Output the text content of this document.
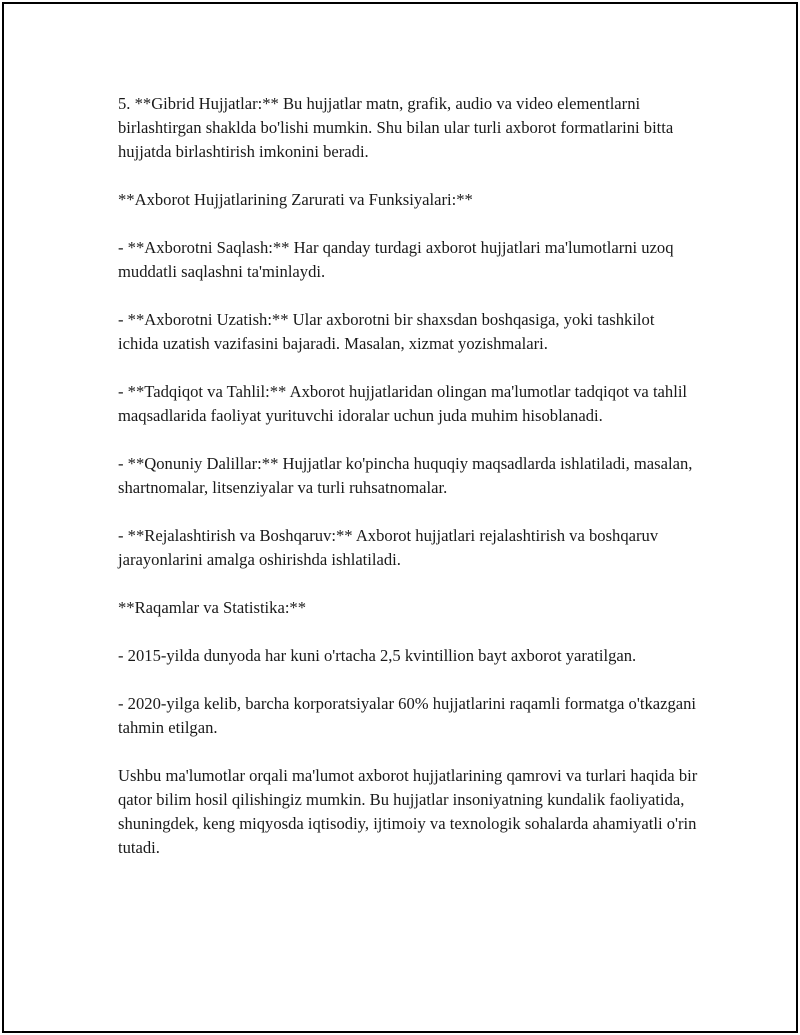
5. **Gibrid Hujjatlar:** Bu hujjatlar matn, grafik, audio va video elementlarni birlashtirgan shaklda bo'lishi mumkin. Shu bilan ular turli axborot formatlarini bitta hujjatda birlashtirish imkonini beradi.

**Axborot Hujjatlarining Zarurati va Funksiyalari:**

- **Axborotni Saqlash:** Har qanday turdagi axborot hujjatlari ma'lumotlarni uzoq muddatli saqlashni ta'minlaydi.

- **Axborotni Uzatish:** Ular axborotni bir shaxsdan boshqasiga, yoki tashkilot ichida uzatish vazifasini bajaradi. Masalan, xizmat yozishmalari.

- **Tadqiqot va Tahlil:** Axborot hujjatlaridan olingan ma'lumotlar tadqiqot va tahlil maqsadlarida faoliyat yurituvchi idoralar uchun juda muhim hisoblanadi.

- **Qonuniy Dalillar:** Hujjatlar ko'pincha huquqiy maqsadlarda ishlatiladi, masalan, shartnomalar, litsenziyalar va turli ruhsatnomalar.

- **Rejalashtirish va Boshqaruv:** Axborot hujjatlari rejalashtirish va boshqaruv jarayonlarini amalga oshirishda ishlatiladi.

**Raqamlar va Statistika:**

- 2015-yilda dunyoda har kuni o'rtacha 2,5 kvintillion bayt axborot yaratilgan.

- 2020-yilga kelib, barcha korporatsiyalar 60% hujjatlarini raqamli formatga o'tkazgani tahmin etilgan.

Ushbu ma'lumotlar orqali ma'lumot axborot hujjatlarining qamrovi va turlari haqida bir qator bilim hosil qilishingiz mumkin. Bu hujjatlar insoniyatning kundalik faoliyatida, shuningdek, keng miqyosda iqtisodiy, ijtimoiy va texnologik sohalarda ahamiyatli o'rin tutadi.
